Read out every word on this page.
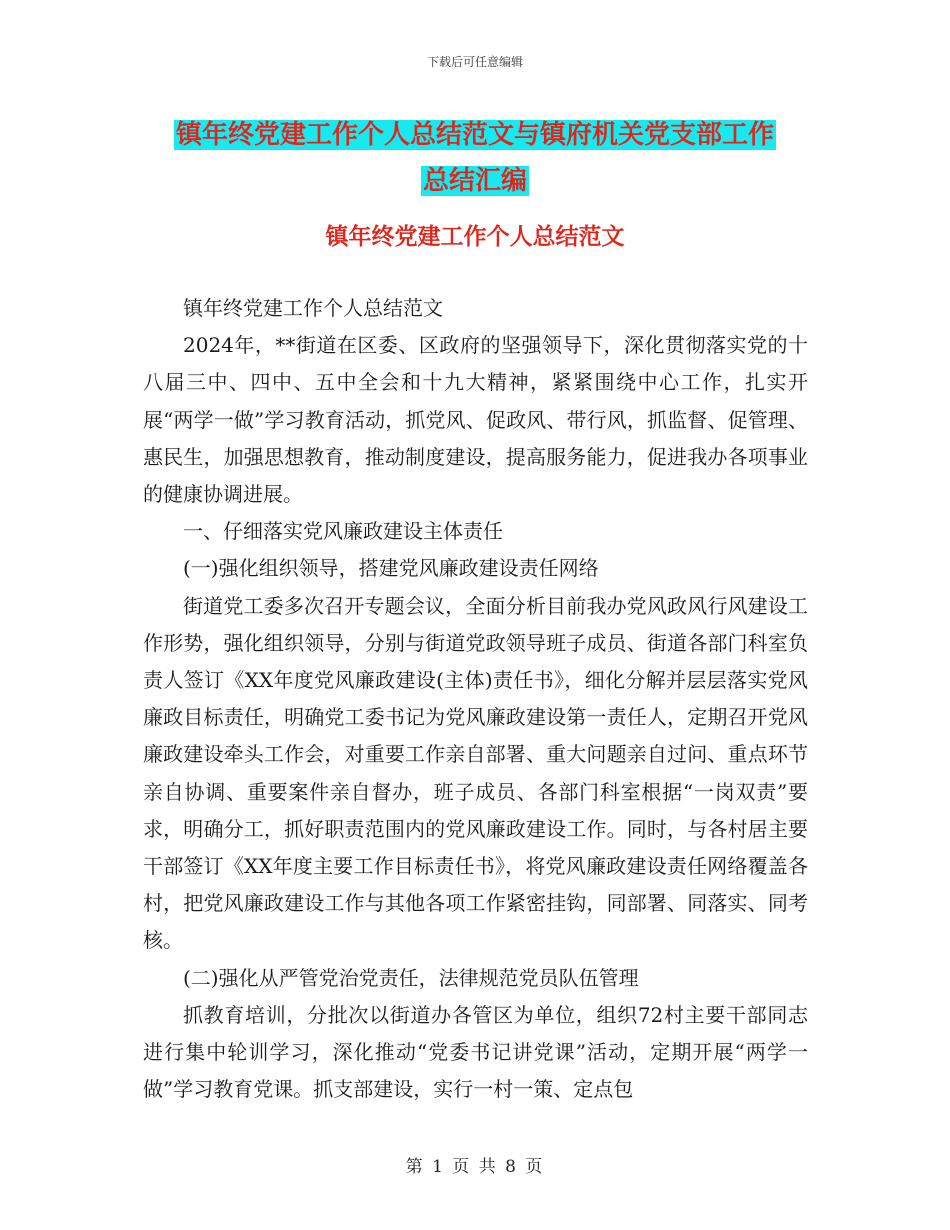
下载后可任意编辑
镇年终党建工作个人总结范文与镇府机关党支部工作
总结汇编
镇年终党建工作个人总结范文

镇年终党建工作个人总结范文

2024年，**街道在区委、区政府的坚强领导下，深化贯彻落实党的十八届三中、四中、五中全会和十九大精神，紧紧围绕中心工作，扎实开展“两学一做”学习教育活动，抓党风、促政风、带行风，抓监督、促管理、惠民生，加强思想教育，推动制度建设，提高服务能力，促进我办各项事业的健康协调进展。

一、仔细落实党风廉政建设主体责任

(一)强化组织领导，搭建党风廉政建设责任网络

街道党工委多次召开专题会议，全面分析目前我办党风政风行风建设工作形势，强化组织领导，分别与街道党政领导班子成员、街道各部门科室负责人签订《XX年度党风廉政建设(主体)责任书》，细化分解并层层落实党风廉政目标责任，明确党工委书记为党风廉政建设第一责任人，定期召开党风廉政建设牵头工作会，对重要工作亲自部署、重大问题亲自过问、重点环节亲自协调、重要案件亲自督办，班子成员、各部门科室根据“一岗双责”要求，明确分工，抓好职责范围内的党风廉政建设工作。同时，与各村居主要干部签订《XX年度主要工作目标责任书》，将党风廉政建设责任网络覆盖各村，把党风廉政建设工作与其他各项工作紧密挂钩，同部署、同落实、同考核。

(二)强化从严管党治党责任，法律规范党员队伍管理

抓教育培训，分批次以街道办各管区为单位，组织72村主要干部同志进行集中轮训学习，深化推动“党委书记讲党课”活动，定期开展“两学一做”学习教育党课。抓支部建设，实行一村一策、定点包

第 1 页 共 8 页
